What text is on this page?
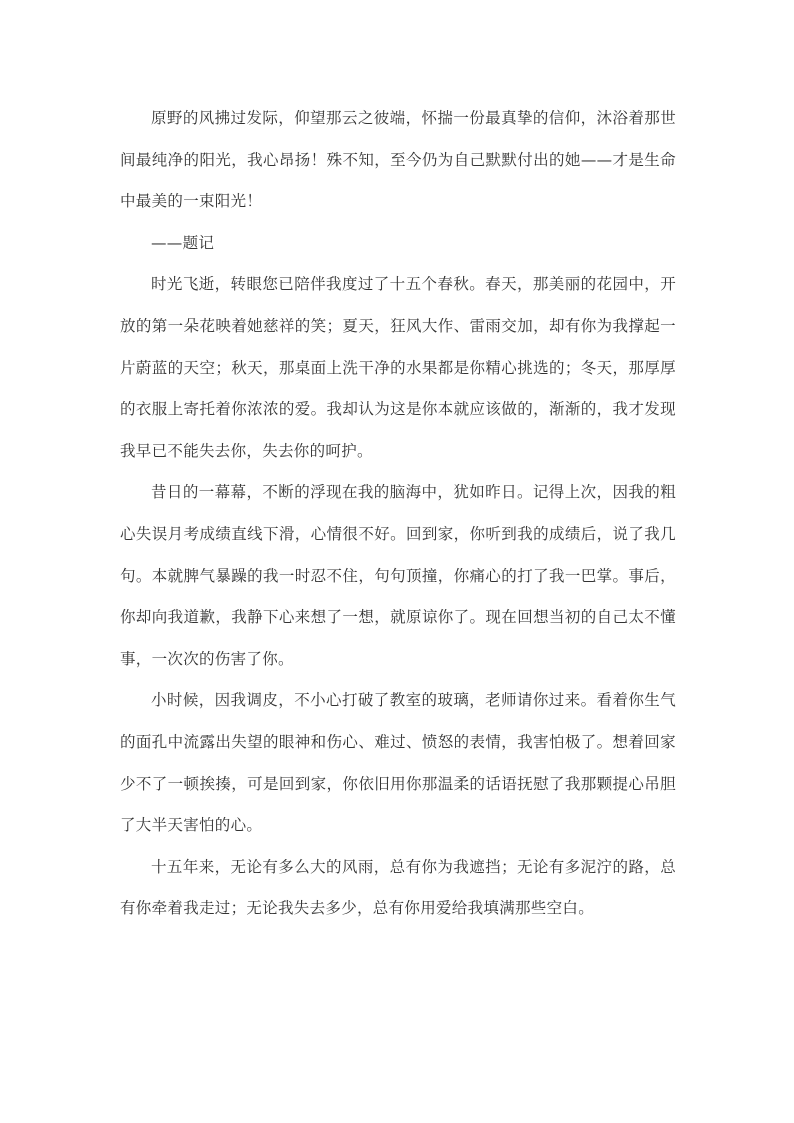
原野的风拂过发际，仰望那云之彼端，怀揣一份最真挚的信仰，沐浴着那世间最纯净的阳光，我心昂扬！殊不知，至今仍为自己默默付出的她——才是生命中最美的一束阳光！

——题记

时光飞逝，转眼您已陪伴我度过了十五个春秋。春天，那美丽的花园中，开放的第一朵花映着她慈祥的笑；夏天，狂风大作、雷雨交加，却有你为我撑起一片蔚蓝的天空；秋天，那桌面上洗干净的水果都是你精心挑选的；冬天，那厚厚的衣服上寄托着你浓浓的爱。我却认为这是你本就应该做的，渐渐的，我才发现我早已不能失去你，失去你的呵护。

昔日的一幕幕，不断的浮现在我的脑海中，犹如昨日。记得上次，因我的粗心失误月考成绩直线下滑，心情很不好。回到家，你听到我的成绩后，说了我几句。本就脾气暴躁的我一时忍不住，句句顶撞，你痛心的打了我一巴掌。事后，你却向我道歉，我静下心来想了一想，就原谅你了。现在回想当初的自己太不懂事，一次次的伤害了你。

小时候，因我调皮，不小心打破了教室的玻璃，老师请你过来。看着你生气的面孔中流露出失望的眼神和伤心、难过、愤怒的表情，我害怕极了。想着回家少不了一顿挨揍，可是回到家，你依旧用你那温柔的话语抚慰了我那颗提心吊胆了大半天害怕的心。

十五年来，无论有多么大的风雨，总有你为我遮挡；无论有多泥泞的路，总有你牵着我走过；无论我失去多少，总有你用爱给我填满那些空白。
